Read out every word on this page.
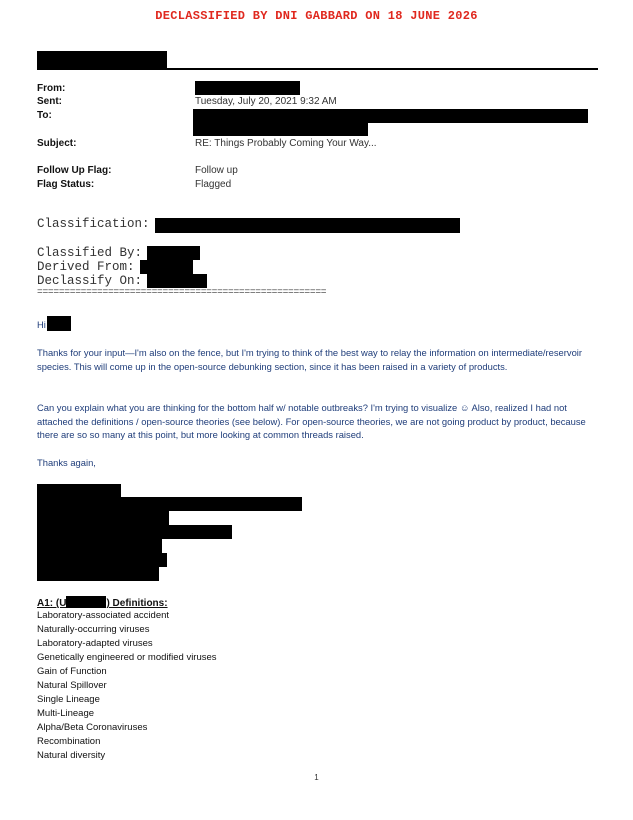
DECLASSIFIED BY DNI GABBARD ON 18 JUNE 2026
From:
Sent:	Tuesday, July 20, 2021 9:32 AM
To:
Subject:	RE: Things Probably Coming Your Way...
Follow Up Flag:	Follow up
Flag Status:	Flagged
Classification:
Classified By:
Derived From:
Declassify On:
=====================================================
Hi
Thanks for your input—I'm also on the fence, but I'm trying to think of the best way to relay the information on intermediate/reservoir species. This will come up in the open-source debunking section, since it has been raised in a variety of products.
Can you explain what you are thinking for the bottom half w/ notable outbreaks? I'm trying to visualize ☺ Also, realized I had not attached the definitions / open-source theories (see below). For open-source theories, we are not going product by product, because there are so so many at this point, but more looking at common threads raised.
Thanks again,
A1: (U	) Definitions:
Laboratory-associated accident
Naturally-occurring viruses
Laboratory-adapted viruses
Genetically engineered or modified viruses
Gain of Function
Natural Spillover
Single Lineage
Multi-Lineage
Alpha/Beta Coronaviruses
Recombination
Natural diversity
1
